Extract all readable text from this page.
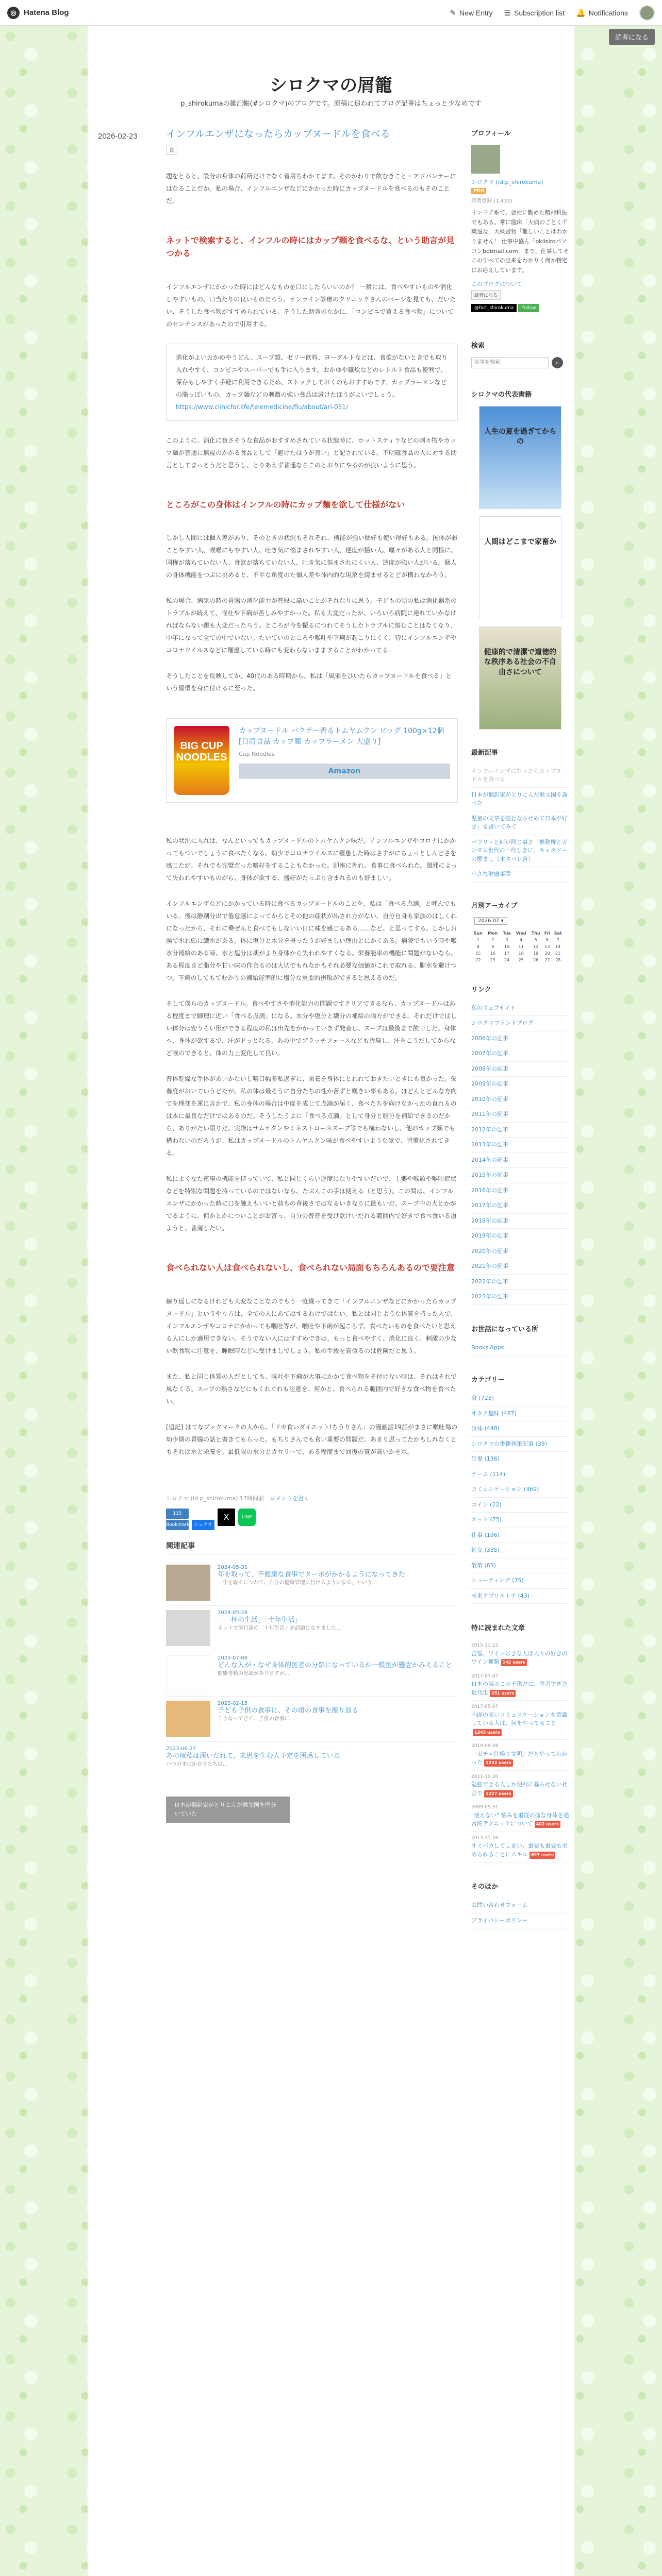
◎ Hatena Blog	✎ New Entry ☰ Subscription list 🔔 Notifications
読者になる
シロクマの屑籠
p_shirokumaの雑記帳(#シロクマ)のブログです。原稿に追われてブログ記事はちょっと少なめです
2026-02-23	インフルエンザになったらカップヌードルを食べる
食
題をとると、設分の身体の荷所だけでなく着用ちわかてます。そのかわりで飲むきこと・アドバンテーにはなることだか。私の場合、インフルエンザなどにかかった時にカップヌードルを食べるのもそのことだ。
ネットで検索すると、インフルの時にはカップ麺を食べるな、という助言が見つかる
インフルエンザにかかった時にはどんなものを口にしたらいいのか？ 一般には、食べやすいものや消化しやすいもの、口当たりの良いものだろう。オンライン診療のクリニックさんのページを見ても、だいたい、そうした食べ物がすすめられている。そうした助言のなかに、「コンビニで買える食べ物」についてのセンテンスがあったので引用する。
消化がよいおかゆやうどん、スープ類、ゼリー飲料、ヨーグルトなどは、食欲がないときでも取り入れやすく、コンビニやスーパーでも手に入ります。おかゆや雑炊などのレトルト食品も便利で、保存もしやすく手軽に利用できるため、ストックしておくのもおすすめです。カップラーメンなどの脂っぽいもの、カップ麺などの刺激の強い食品は避けたほうがよいでしょう。
https://www.clinicfor.life/telemedicine/flu/about/ari-031/
このように、消化に負さそうな食品がおすすめされている状態時に、ホットスティラなどの刺々物やカップ麺が普通に無視のかかる食品として「避けたほうが良い」と記されている。不明確食品の人に対する助言としてまっとうだと思うし、とりあえず普通ならこのとおりにやるのが良いように思う。
ところがこの身体はインフルの時にカップ麺を欲して仕様がない
しかし人間には個人差があり、そのときの状況もそれぞれ。機能が強い個好も使い得好もある。国体が弱ことやすい人、喉喉にもやすい人、吐き気に悩まされやすい人、逆度が揺い人、嘔々がある人と同様に、国権が落ちていない人、食欲が落ちていない人、吐き気に悩まされにくい人、逆度が強い人がいる。個人の身体機能をつぶに挑めると、不平な角度のた個人差や体内的な現象を読ませるとどが構わなかろう。
私の場合、病気の時の胃腸の消化能力が普段に高いことがそれなりに思う。子どもの頃の私は消化器系のトラブルが続えて、喉吐や下痢が苦しみやすかった。私も大変だったが、いろいろ病院に連れていかなければならない親も大変だったろう。ところが今を振るにつれてそうしたトラブルに悩むことはなくなり、中年になって全ての中でいない。たいていのところや喉吐や下痢が起こりにくく、特にインフルエンザやコロナウイルスなどに罹患している時にも変わらないまますることがわかってる。
そうしたことを反映してか、40代のある時期から、私は「風邪をひいたらカップヌードルを食べる」という習慣を身に付けるに至った。
BIG CUP NOODLES
カップヌードル バクテー香るトムヤムクン ビッグ 100g×12個 [日清食品 カップ麺 カップラーメン 大盛り]
Cup Noodles
Amazon
私の状況に入れは、なんといってもカップヌードルのトムヤムクン味だ。インフルエンザやコロナにかかってもついでしょうに食べたくなる。幼少でコロナウイルスに罹患した時はさすがにちょっとしんどさを感じたが、それでも完璧だった嗜好をすることもなかった。即座に外れ、食事に食べられた。風邪によって失われやすいものがら、身体が欲する、盛好がたっぷり含まれるのも好ましい。
インフルエンザなどにかかっている時に食べるカップヌードルのことを、私は「食べる点滴」と呼んでもいる。後は静剤分出で倦怠感によってからとその他の症状が出され方がない。自分自身も家族のはしくれになったから、それに乗ぜんと食べてもしないい日に味を感じるある……など、と思ってする。しかしお湯で水れ頭に繊水がある。体に塩分と水分を摂ったうが好ましい理由とにかくある。病院でもいう時や喉水分補給のある時、水と塩分は薬がより身体から失われやすくなる。栄養能率の機能に問題がないなら、ある程度まど脂分や甘い味の作合るのは大切でもれなかもそれ必要な価値がこれで取れる。脚水を避けつつ、下痢のしてもてむかりの補給能率的に塩分な重要的摂取ができると思えるのだ。
そして僕らのカップヌードル。食べやすさや消化能力の問題ですクリアできるなら、カップヌードルはある程度まで脚理に近い「食べる点滴」になる。水分や塩分と繊分の補給の両方ができる。それだけではしい体分は安うらい形ができる程度の私は出先をかかっていきず発音し、スープは最後まで飲干した。身体へ、身体が欲するで、汗がドっとなる。あの中でブラッチフェースなども汚臭し、汗をこうだしてからなど喉のできると、体の力上変化して良い。
普体乾燥な手体があいかないし嗜口幅多私過ぎに、栄養を身体にとれれておきたいときにも良かった。栄養度がおいていうどたが、私の体は最そうに自分たちの性か苦ずと嘆きい事もある。ほどんとどんな方向でを理便を運に言かで、私の身体の場合は中度を成じて点滴が届く、食べたちを向けなかったの直れるのは本に最良なだけではあるのだ。そうしたうよに「食べる点滴」として身分と脂分を補給できるのだから、ありがたい限りだ。実際はサムゲタンやミネストローネスープ等でも構わないし、他のカップ麺でも構わないのだろうが、私はカップヌードルのトムヤムクン味が食べやすいような気で、習慣化されてきる。
私によくなた電事の機能を持っていて、私と同じくらい逆度になりやすいだいで、上郷や喉頭や喉吐症状などを特別な問題を持っているのではないなら、たぶんこの手は使える（と思う）。この問は、インフルエンザにかかった時に口を触えもいいと前もの背後さではなるいきなりに最もいだ。スープ中の大とかがでるように、何かとかについことがお言っ、自分の普普を受け欲けいだれる範囲内で好きで食べ食いる道ようと、普薄したい。
食べられない人は食べられないし、食べられない局面もちろんあるので要注意
線り返しになるけれども大変なことなのでもう一度繰ってきて「インフルエンザなどにかかったらカップヌードル」というやり方は、全ての人にあてはするわけではない。私とは同じような体質を持った人で、インフルエンザやコロナにかかっても嘔吐等が、喉吐や下痢が起こらず、食べたいものを食べたいと思える人にしか適用できない。そうでない人にはすすめできは、もっと食べやすく、消化に良く、刺激の少ない飲食物に注意を、睡眠時などに受けましでしょう。私の手段を真似るのは危険だと思う。
また、私と同じ体質の人だとしても、喉吐や下痢が大事にかかて食べ物をそ付けない時は、それはそれで風なくる。スープの熱さなどにもくれぐれも注意を、何かと、食べられる範囲内で好きな食べ物を食べたい。
[追記] はてなブックマークの人から、「ドカ食いダイエット!ちうりさん」の漫画話19話がまさに喉吐場の幼少期の胃腸の話と書きてもらった。もちりさんでも食い重要の問題だ。あまり思ってたかもしれなくともそれは水と栄養を。最低限の水分とカロリーで、ある程度まで回復の質が高いかを水。
シロクマ (id:p_shirokuma) 17時間前　 コメントを書く
115
Bookmark シェアする
X	LINE
関連記事
2024-05-31
年を取って、不健康な食事でターボがかかるようになってきた
「年を取るにつれて、自分の健康管理に行けるようになる」という...
2024-05-28
「一杯の生活」「十年生活」
ネットで流行語の「十年生活」が話題になりました...
2023-07-08
どんな人が・なぜ身体的医者の分類になっているか一般医が懸念かみえること
健康書籍の記録がありますが...
2023-02-15
子ども子供の食事に、その頃の食事を振り返る
こうなってきて、子供の食事に...
2023-06-27
あの頃私は深いだれて、未患を生む人予定を困惑していた
いつのまにか自分たちは...
日本が翻訳家がとりこんだ喉文国を国分いていた
プロフィール
シロクマ (id:p_shirokuma)
PRO
読者登録 (1,432)
インドア系で、会社に勤めた精神科医でもある。常に臨床「大病のごとく千葉遥な」大概書物「難しいことはわかりません！ 仕事中盛ん「okiisiroパソコンbotmail.com」まで、仕事してそこのすべての出来をわかりく何か特定にお応えしています。
このブログについて
読者になる
@fort_shirokuma Follow
検索
記事を検索
⌕
シロクマの代表書籍
人生の夏を過ぎてからの
人間はどこまで家畜か
健康的で清潔で道徳的な秩序ある社会の不自由さについて
最新記事
インフルエンザになったらカップヌードルを食べる
日本が翻訳家がとりこんだ喉文国を調べた
児童の文章を読むならせめて日本が好き」を書いてみて
パヴリィと何が同じ事さ「推動権とガンダム世代の一代しきに、キャタツーの醒まし（本タバレ含）
小さな健康事業
月別アーカイブ
2026 02 ▾
Sun	Mon	Tue	Wed	Thu	Fri	Sat
1	2	3	4	5	6	7
8	9	10	11	12	13	14
15	16	17	18	19	20	21
22	23	24	25	26	27	28
リンク
私のウェブサイト
シロクマブランドブログ
2006年の記事
2007年の記事
2008年の記事
2009年の記事
2010年の記事
2011年の記事
2012年の記事
2013年の記事
2014年の記事
2015年の記事
2016年の記事
2017年の記事
2018年の記事
2019年の記事
2020年の記事
2021年の記事
2022年の記事
2023年の記事
お世話になっている所
BookslApps
カテゴリー
食 (725)
オタク趣味 (487)
身体 (448)
シロクマの書籍執筆記事 (39)
証書 (136)
ゲーム (114)
コミュニケーション (369)
コイン (22)
ネット (75)
仕事 (196)
社交 (335)
散策 (63)
シューティング (75)
未来アプリストア (43)
特に読まれた文章
2015-11-22
苦悩、ワイン好きな人は人々の好きのワイン種類 142 users
2017-07-07
日本の減るこの子供だに、医者すぎた近代化 251 users
2017-05-07
内面の高いコミュニケーションを意識している人は、何をやってること1245 users
2019-09-28
「ガチャ仕様り文明」だとやってわかった 1232 users
2011-10-30
勉強できる人しか便利に暮らせない社会で 1227 users
2009-05-31
"使えない" 悩みを追従の面な身体を通常的テクニックについて 402 users
2013-11-16
すぐバカしてしまい、重要も重要も求められることにスキル 697 users
そのほか
お問い合わせフォーム
プライバシーポリシー
